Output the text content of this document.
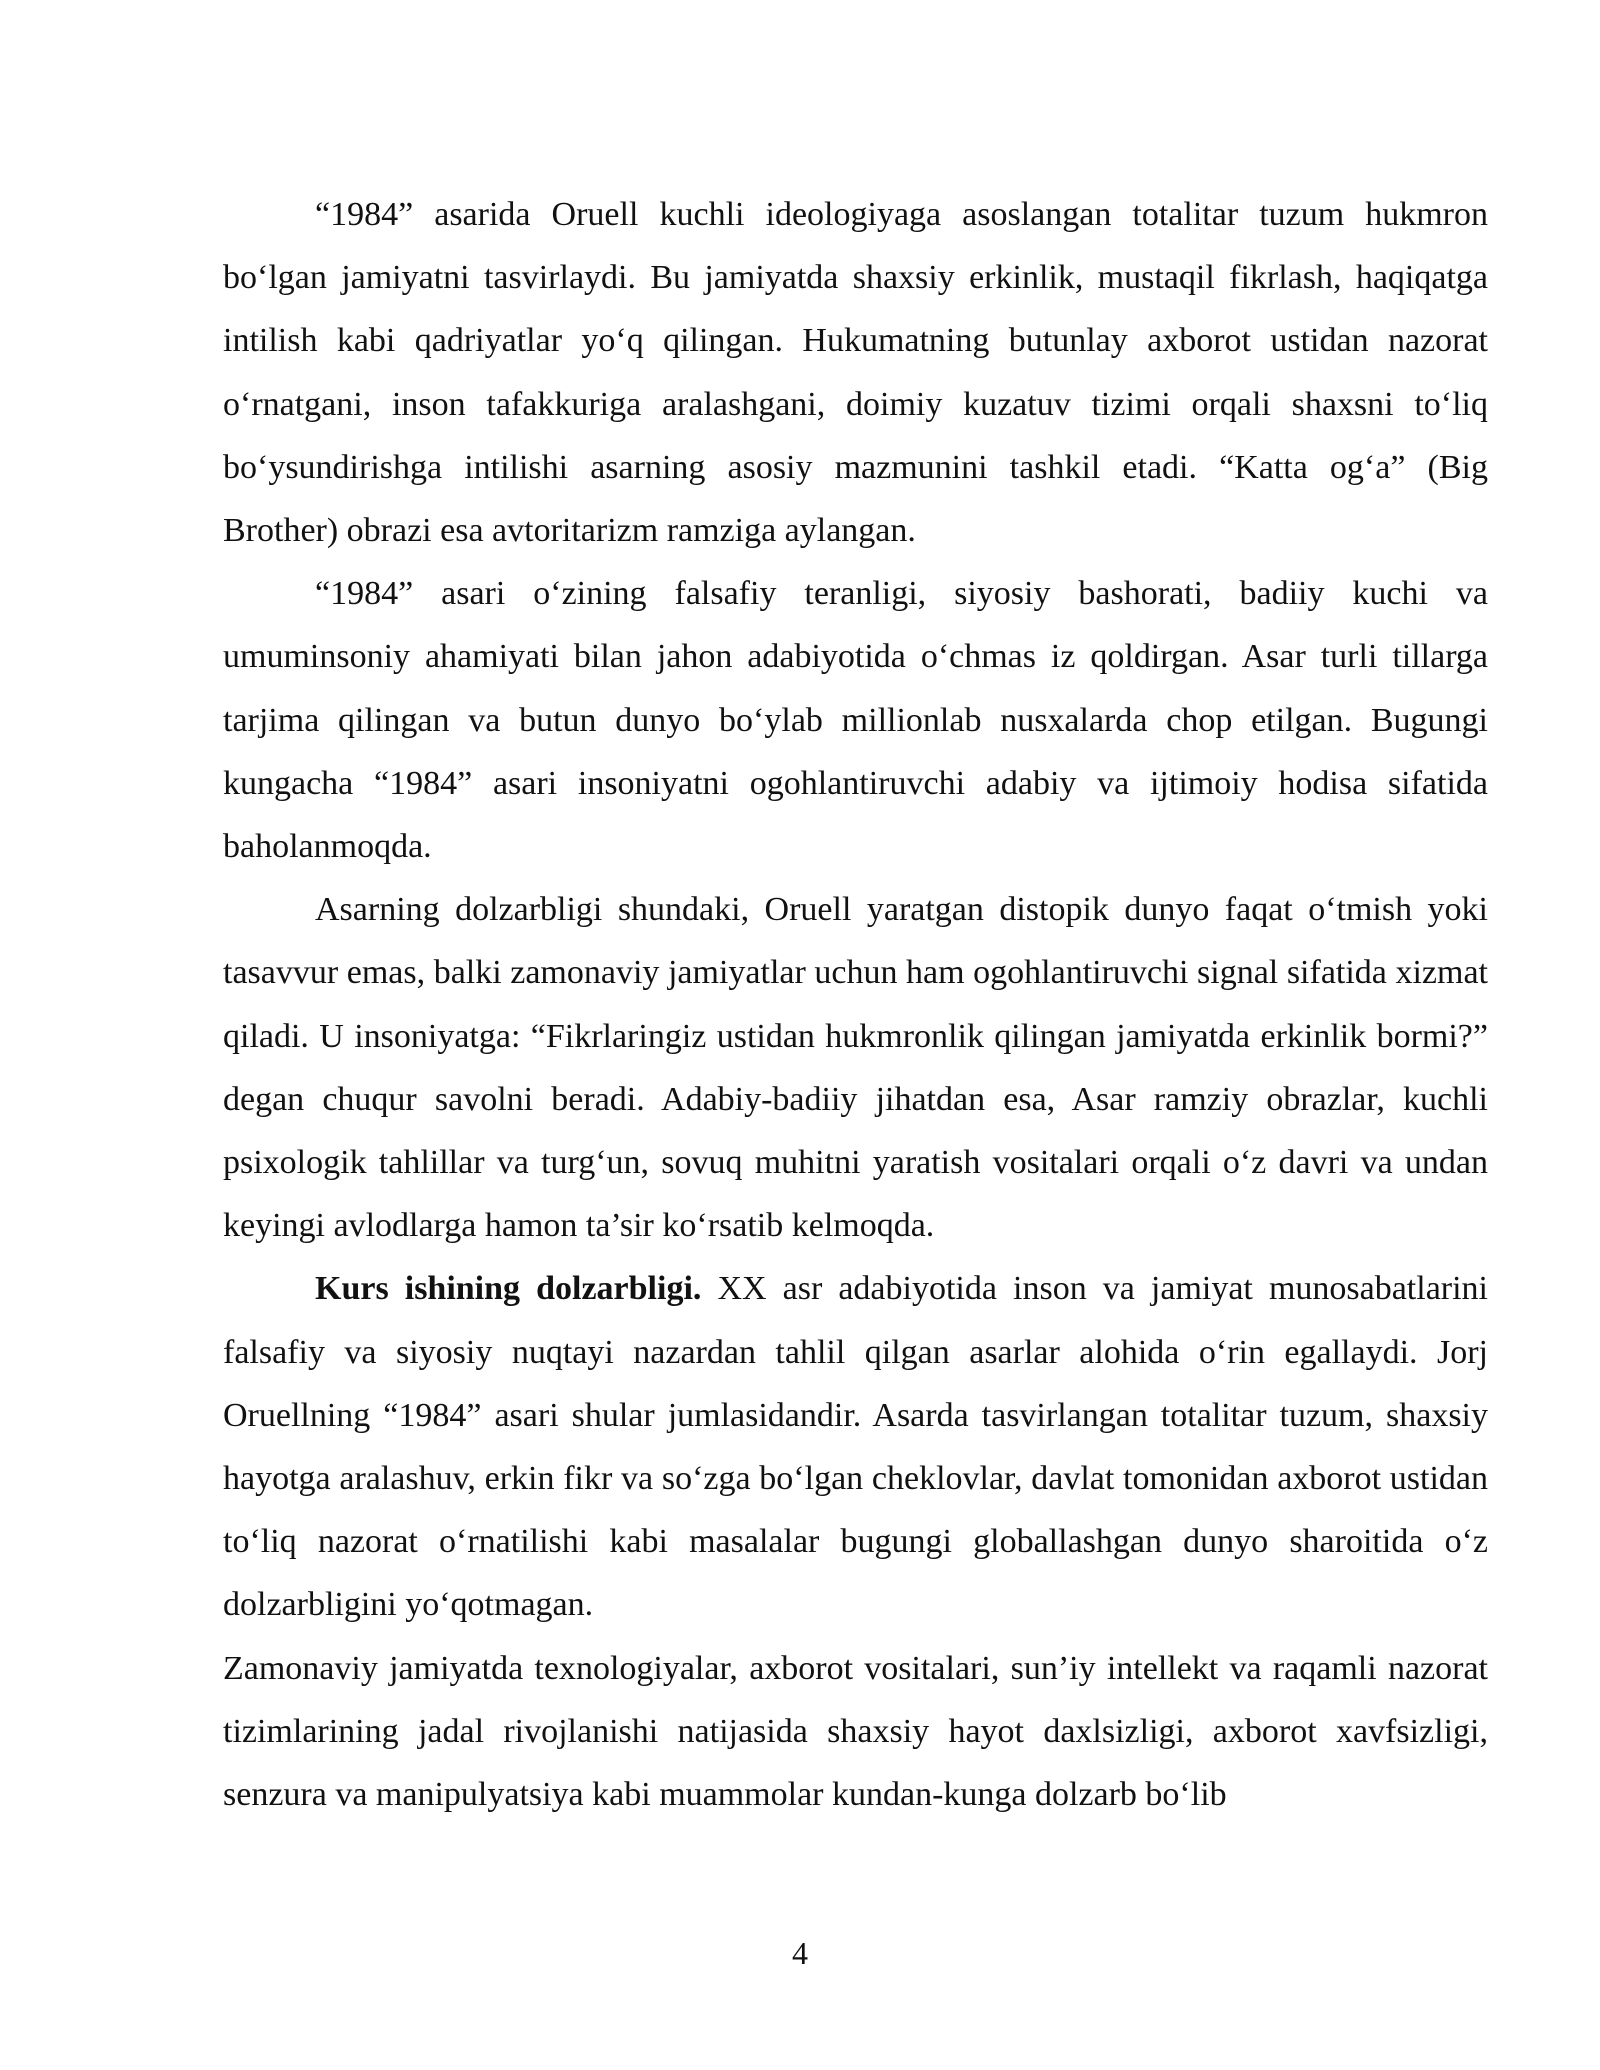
“1984” asarida Oruell kuchli ideologiyaga asoslangan totalitar tuzum hukmron bo‘lgan jamiyatni tasvirlaydi. Bu jamiyatda shaxsiy erkinlik, mustaqil fikrlash, haqiqatga intilish kabi qadriyatlar yo‘q qilingan. Hukumatning butunlay axborot ustidan nazorat o‘rnatgani, inson tafakkuriga aralashgani, doimiy kuzatuv tizimi orqali shaxsni to‘liq bo‘ysundirishga intilishi asarning asosiy mazmunini tashkil etadi. “Katta og‘a” (Big Brother) obrazi esa avtoritarizm ramziga aylangan.

“1984” asari o‘zining falsafiy teranligi, siyosiy bashorati, badiiy kuchi va umuminsoniy ahamiyati bilan jahon adabiyotida o‘chmas iz qoldirgan. Asar turli tillarga tarjima qilingan va butun dunyo bo‘ylab millionlab nusxalarda chop etilgan. Bugungi kungacha “1984” asari insoniyatni ogohlantiruvchi adabiy va ijtimoiy hodisa sifatida baholanmoqda.

Asarning dolzarbligi shundaki, Oruell yaratgan distopik dunyo faqat o‘tmish yoki tasavvur emas, balki zamonaviy jamiyatlar uchun ham ogohlantiruvchi signal sifatida xizmat qiladi. U insoniyatga: “Fikrlaringiz ustidan hukmronlik qilingan jamiyatda erkinlik bormi?” degan chuqur savolni beradi. Adabiy-badiiy jihatdan esa, Asar ramziy obrazlar, kuchli psixologik tahlillar va turg‘un, sovuq muhitni yaratish vositalari orqali o‘z davri va undan keyingi avlodlarga hamon ta’sir ko‘rsatib kelmoqda.

Kurs ishining dolzarbligi. XX asr adabiyotida inson va jamiyat munosabatlarini falsafiy va siyosiy nuqtayi nazardan tahlil qilgan asarlar alohida o‘rin egallaydi. Jorj Oruellning “1984” asari shular jumlasidandir. Asarda tasvirlangan totalitar tuzum, shaxsiy hayotga aralashuv, erkin fikr va so‘zga bo‘lgan cheklovlar, davlat tomonidan axborot ustidan to‘liq nazorat o‘rnatilishi kabi masalalar bugungi globallashgan dunyo sharoitida o‘z dolzarbligini yo‘qotmagan.

Zamonaviy jamiyatda texnologiyalar, axborot vositalari, sun’iy intellekt va raqamli nazorat tizimlarining jadal rivojlanishi natijasida shaxsiy hayot daxlsizligi, axborot xavfsizligi, senzura va manipulyatsiya kabi muammolar kundan-kunga dolzarb bo‘lib

4
